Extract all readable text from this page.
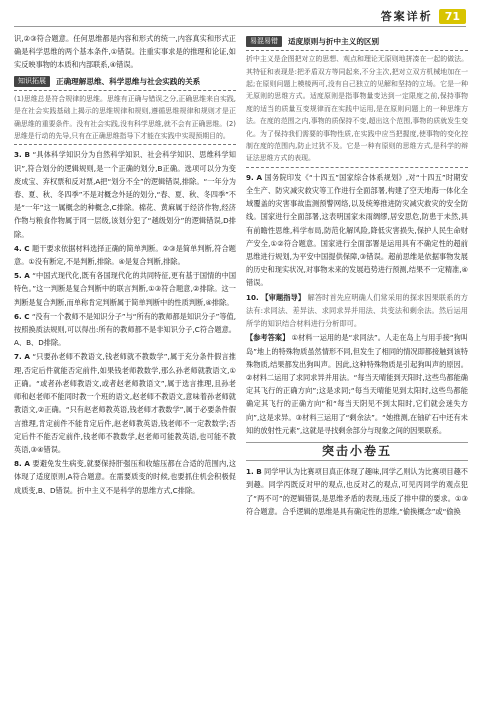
答案详析	71

识,②③符合题意。任何思维都是内容和形式的统一,内容真实和形式正确是科学思维的两个基本条件,①错误。注重实事求是的推理和论证,如实反映事物的本质和内部联系,④错误。

知识拓展	正确理解思维、科学思维与社会实践的关系
(1)思维总是符合规律的思维。思维有正确与错误之分,正确思维来自实践,是在社会实践基础上揭示的思维规律和规则,遵循思维规律和规则才是正确思维的重要条件。没有社会实践,没有科学思维,就不会有正确思维。(2)思维是行动的先导,只有在正确思维指导下才能在实践中实现预期目的。

3. B “具体科学知识分为自然科学知识、社会科学知识、思维科学知识”,符合划分的逻辑规则,是一个正确的划分,B正确。选项可以分为变废成宝、弃权票和反对票,A把“划分不全”的逻辑错误,排除。“一年分为春、夏、秋、冬四季”不是对概念外延的划分,“春、夏、秋、冬四季”不是“一年”这一属概念的种概念,C排除。棉花、黄麻属于经济作物,经济作物与粮食作物属于同一层级,该划分犯了“越级划分”的逻辑错误,D排除。

4. C 题干要求依据材料选择正确的简单判断。②③是简单判断,符合题意。①没有断定,不是判断,排除。④是复合判断,排除。

5. A “中国式现代化,既有各国现代化的共同特征,更有基于国情的中国特色。”这一判断是复合判断中的联言判断,①③符合题意,②排除。这一判断是复合判断,而单称肯定判断属于简单判断中的性质判断,④排除。

6. C “没有一个教师不是知识分子”与“所有的教师都是知识分子”等值,按照换质法规则,可以得出:所有的教师都不是非知识分子,C符合题意。A、B、D排除。

7. A “只要孙老师不教语文,钱老师就不教数学”,属于充分条件假言推理,否定后件就能否定前件,如果钱老师教数学,那么孙老师就教语文,①正确。“或者孙老师教语文,或者赵老师教语文”,属于选言推理,且孙老师和赵老师不能同时教一个班的语文,赵老师不教语文,意味着孙老师就教语文,②正确。“只有赵老师教英语,钱老师才教数学”,属于必要条件假言推理,肯定前件不能肯定后件,赵老师教英语,钱老师不一定教数学;否定后件不能否定前件,钱老师不教数学,赵老师可能教英语,也可能不教英语,③④错误。

8. A 要避免发生病变,就要保持肝强压和收缩压都在合适的范围内,这体现了适度原则,A符合题意。在需要质变的时候,也要抓住机会积极促成质变,B、D错误。折中主义不是科学的思维方式,C排除。

易混易错	适度原则与折中主义的区别
折中主义是企图把对立的思想、观点和理论无原则地拼凑在一起的做法。其特征和表现是:把矛盾双方等同起来,不分主次,把对立双方机械地加在一起;在原则问题上模棱两可,没有自己独立的见解和坚持的立场。它是一种无原则的思维方式。适度原则是指事物量变达到一定限度之前,保持事物度的适当的质量互变规律而在实践中运用,是在原则问题上的一种思维方法。在度的范围之内,事物的质保持不变,超出这个范围,事物的质就发生变化。为了保持我们需要的事物性质,在实践中应当把握度,使事物的变化控制在度的范围内,防止过犹不及。它是一种有原则的思维方式,是科学的辩证法思维方式的表现。

9. A 国务院印发《“十四五”国家综合体系规划》,对“十四五”时期安全生产、防灾减灾救灾等工作进行全面部署,构建了空天地海一体化全域覆盖的灾害事故监测预警网络,以及统筹推进防灾减灾救灾的安全防线。国家进行全面部署,这表明国家未雨绸缪,居安思危,防患于未然,具有前瞻性思维,科学布局,防范化解风险,降低灾害损失,保护人民生命财产安全,①②符合题意。国家进行全面部署是运用具有不确定性的超前思维进行规划,为平安中国提供保障,③错误。超前思维是依据事物发展的历史和现实状况,对事物未来的发展趋势进行预测,结果不一定精准,④错误。

10. 【审题指导】 解答时首先应明确人们常采用的探求因果联系的方法有:求同法、差异法、求同求异并用法、共变法和剩余法。然后运用所学的知识结合材料进行分析即可。

【参考答案】 ①材料一运用的是“求同法”。人走在岛上与用手接“狗叫岛”地上的特殊物质虽然情形不同,但发生了相同的情况即都接触到该特殊物质,结果都发出狗叫声。因此,这种特殊物质是引起狗叫声的原因。②材料二运用了求同求异并用法。“每当天晴能到天阳时,这些鸟都能确定其飞行的正确方向”;这是求同;“每当天晴能见到太阳时,这些鸟都能确定其飞行的正确方向”和“每当天阴见不到太阳时,它们就会迷失方向”,这是求异。③材料三运用了“剩余法”。“她推测,在铀矿石中还有未知的放射性元素”,这就是寻找剩余部分与现象之间的因果联系。

突击小卷五

1. B 同学甲认为比赛项目真正体现了趣味,同学乙则认为比赛项目趣不到趣。同学丙既反对甲的观点,也反对乙的观点,可见丙同学的观点犯了“两不可”的逻辑错误,是思维矛盾的表现,违反了排中律的要求。①③符合题意。合乎逻辑的思维是具有确定性的思维,“偷换概念”或“偷换
